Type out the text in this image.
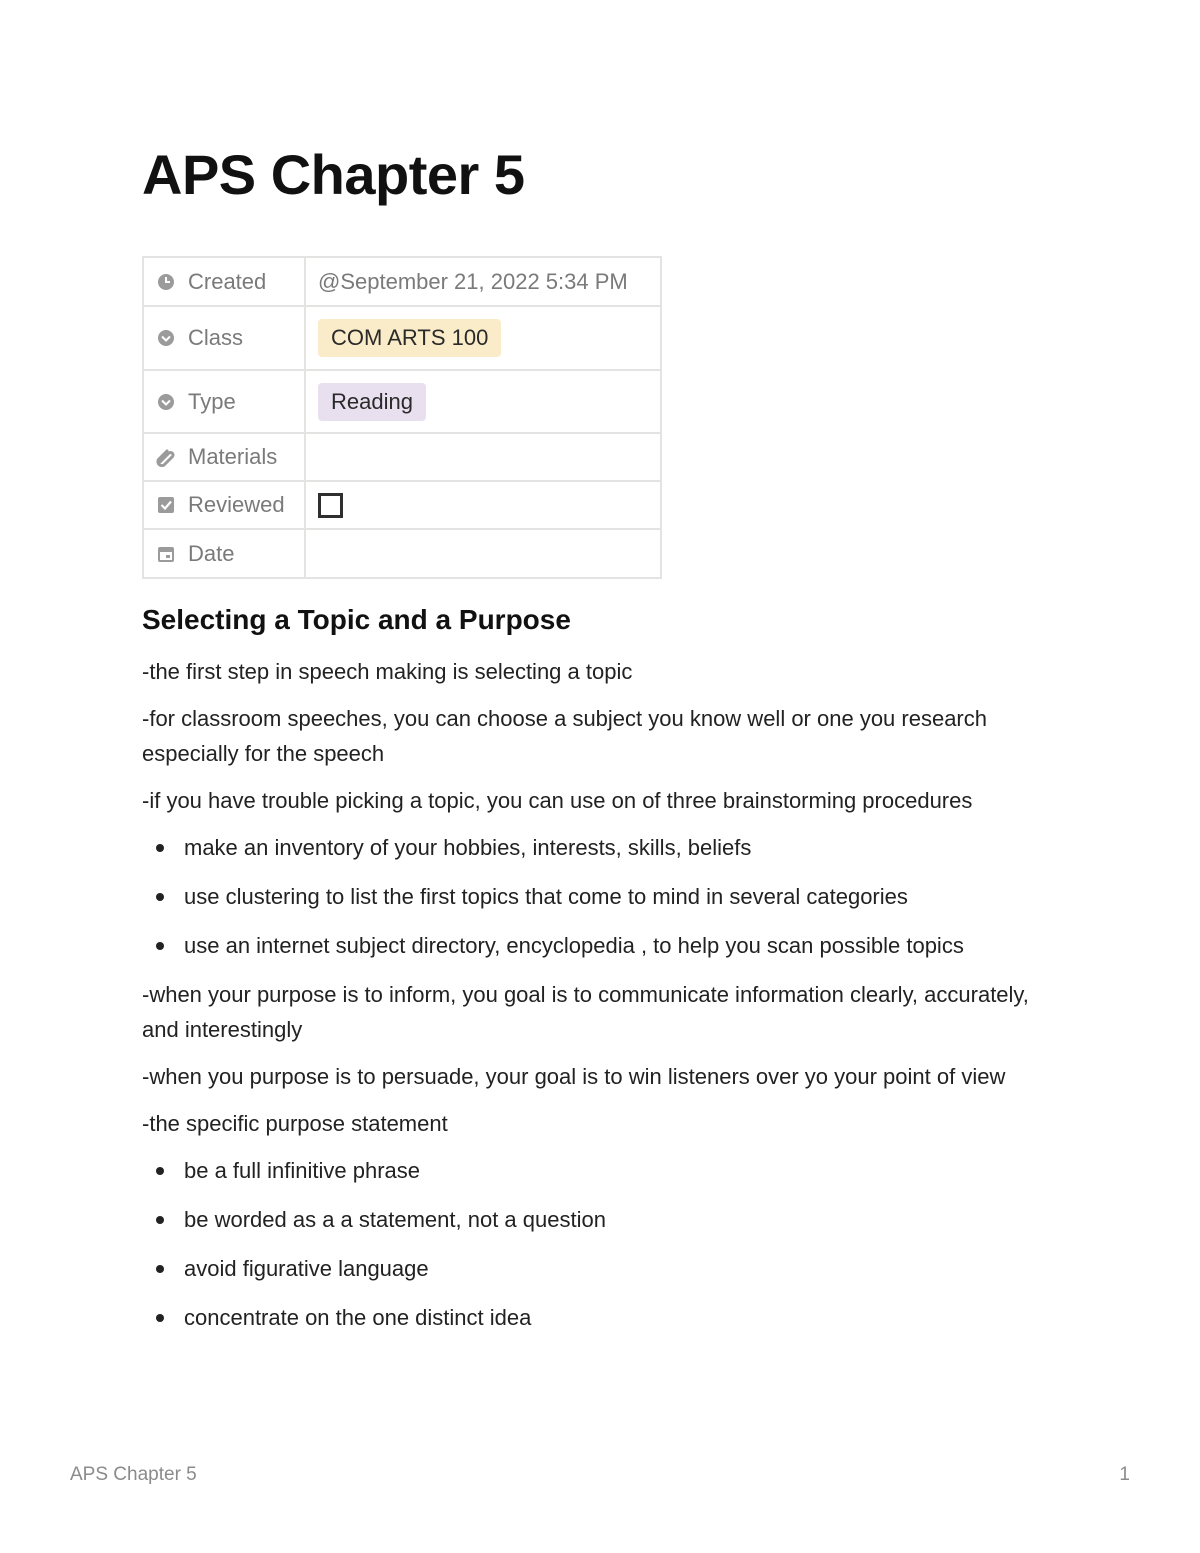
APS Chapter 5
Created	@September 21, 2022 5:34 PM

Class	COM ARTS 100

Type	Reading

Materials	

Reviewed	

Date	

Selecting a Topic and a Purpose

-the first step in speech making is selecting a topic

-for classroom speeches, you can choose a subject you know well or one you research especially for the speech

-if you have trouble picking a topic, you can use on of three brainstorming procedures

make an inventory of your hobbies, interests, skills, beliefs
use clustering to list the first topics that come to mind in several categories
use an internet subject directory, encyclopedia , to help you scan possible topics

-when your purpose is to inform, you goal is to communicate information clearly, accurately, and interestingly

-when you purpose is to persuade, your goal is to win listeners over yo your point of view

-the specific purpose statement

be a full infinitive phrase
be worded as a a statement, not a question
avoid figurative language
concentrate on the one distinct idea
APS Chapter 5	1
